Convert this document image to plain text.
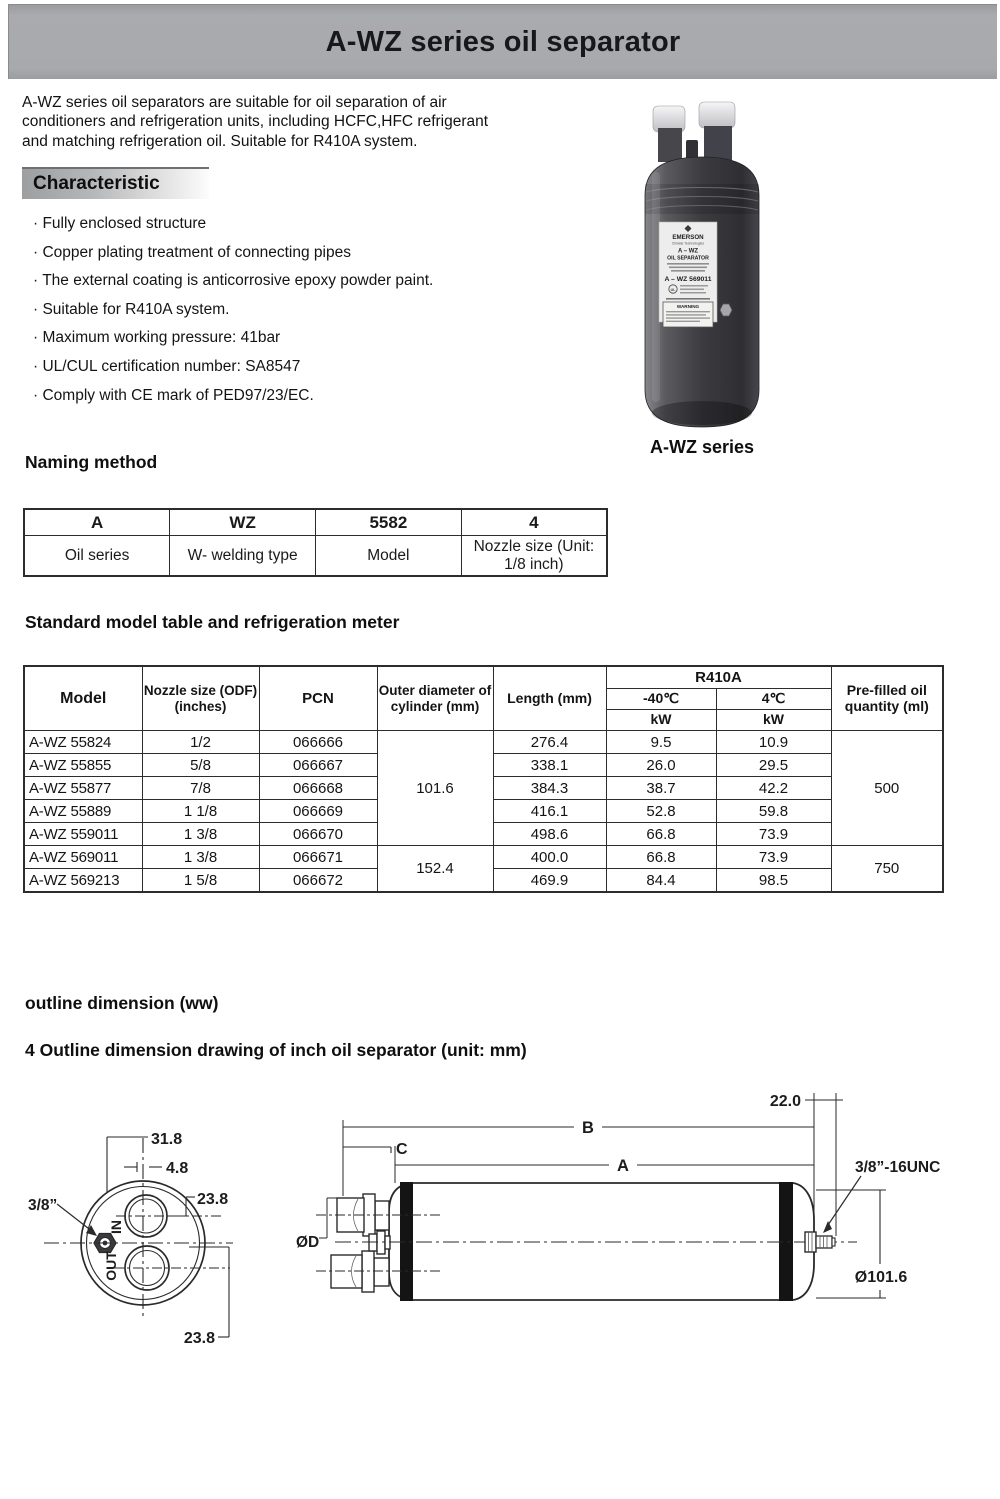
A-WZ series oil separator
A-WZ series oil separators are suitable for oil separation of air
conditioners and refrigeration units, including HCFC,HFC refrigerant
and matching refrigeration oil. Suitable for R410A system.
Characteristic
· Fully enclosed structure
· Copper plating treatment of connecting pipes
· The external coating is anticorrosive epoxy powder paint.
· Suitable for R410A system.
· Maximum working pressure: 41bar
· UL/CUL certification number: SA8547
· Comply with CE mark of PED97/23/EC.
EMERSON
Climate Technologies
A – WZ
OIL SEPARATOR
A – WZ 569011
UL
WARNING
A-WZ series
Naming method
A	WZ	5582	4
Oil series	W- welding type	Model	Nozzle size (Unit: 1/8 inch)
Standard model table and refrigeration meter
Model	Nozzle size (ODF) (inches)	PCN	Outer diameter of cylinder (mm)	Length (mm)	R410A		Pre-filled oil quantity (ml)
					-40℃	4℃	
					kW	kW	
A-WZ 55824	1/2	066666	101.6	276.4	9.5	10.9	500
A-WZ 55855	5/8	066667		338.1	26.0	29.5	
A-WZ 55877	7/8	066668		384.3	38.7	42.2	
A-WZ 55889	1 1/8	066669		416.1	52.8	59.8	
A-WZ 559011	1 3/8	066670		498.6	66.8	73.9	
A-WZ 569011	1 3/8	066671	152.4	400.0	66.8	73.9	750
A-WZ 569213	1 5/8	066672		469.9	84.4	98.5	
outline dimension (ww)
4 Outline dimension drawing of inch oil separator (unit: mm)
31.8
4.8
23.8
23.8
3/8”
IN
OUT
22.0
B
C
A	3/8”-16UNC
ØD
Ø101.6
